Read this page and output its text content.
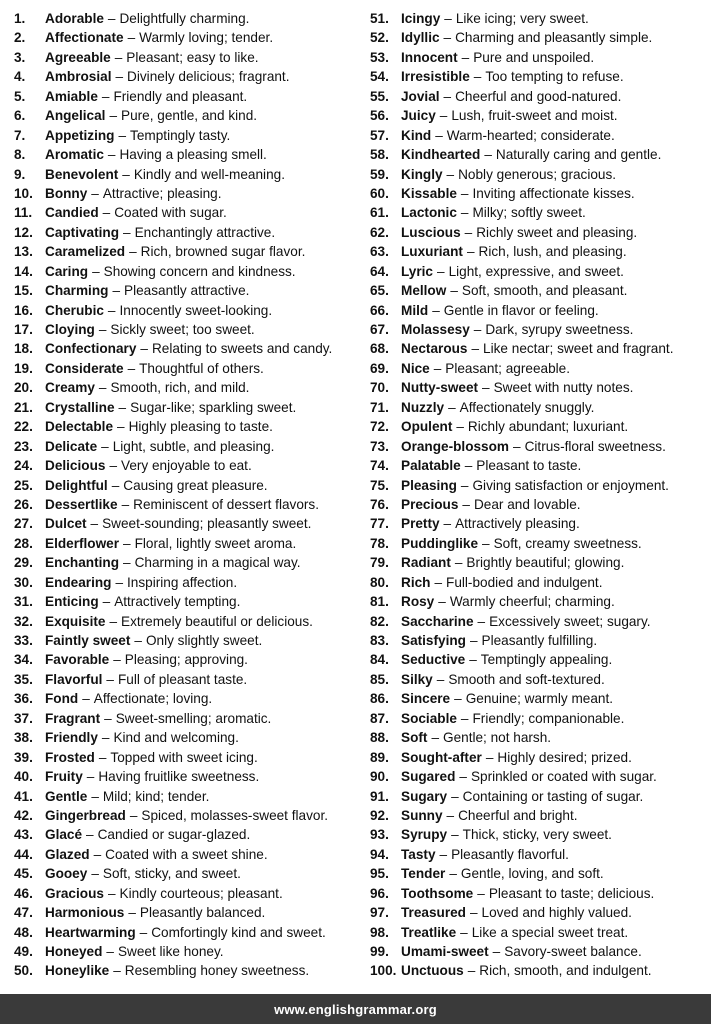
1.	Adorable – Delightfully charming.
2.	Affectionate – Warmly loving; tender.
3.	Agreeable – Pleasant; easy to like.
4.	Ambrosial – Divinely delicious; fragrant.
5.	Amiable – Friendly and pleasant.
6.	Angelical – Pure, gentle, and kind.
7.	Appetizing – Temptingly tasty.
8.	Aromatic – Having a pleasing smell.
9.	Benevolent – Kindly and well-meaning.
10. Bonny – Attractive; pleasing.
11. Candied – Coated with sugar.
12. Captivating – Enchantingly attractive.
13. Caramelized – Rich, browned sugar flavor.
14. Caring – Showing concern and kindness.
15. Charming – Pleasantly attractive.
16. Cherubic – Innocently sweet-looking.
17. Cloying – Sickly sweet; too sweet.
18. Confectionary – Relating to sweets and candy.
19. Considerate – Thoughtful of others.
20. Creamy – Smooth, rich, and mild.
21. Crystalline – Sugar-like; sparkling sweet.
22. Delectable – Highly pleasing to taste.
23. Delicate – Light, subtle, and pleasing.
24. Delicious – Very enjoyable to eat.
25. Delightful – Causing great pleasure.
26. Dessertlike – Reminiscent of dessert flavors.
27. Dulcet – Sweet-sounding; pleasantly sweet.
28. Elderflower – Floral, lightly sweet aroma.
29. Enchanting – Charming in a magical way.
30. Endearing – Inspiring affection.
31. Enticing – Attractively tempting.
32. Exquisite – Extremely beautiful or delicious.
33. Faintly sweet – Only slightly sweet.
34. Favorable – Pleasing; approving.
35. Flavorful – Full of pleasant taste.
36. Fond – Affectionate; loving.
37. Fragrant – Sweet-smelling; aromatic.
38. Friendly – Kind and welcoming.
39. Frosted – Topped with sweet icing.
40. Fruity – Having fruitlike sweetness.
41. Gentle – Mild; kind; tender.
42. Gingerbread – Spiced, molasses-sweet flavor.
43. Glacé – Candied or sugar-glazed.
44. Glazed – Coated with a sweet shine.
45. Gooey – Soft, sticky, and sweet.
46. Gracious – Kindly courteous; pleasant.
47. Harmonious – Pleasantly balanced.
48. Heartwarming – Comfortingly kind and sweet.
49. Honeyed – Sweet like honey.
50. Honeylike – Resembling honey sweetness.
51. Icingy – Like icing; very sweet.
52. Idyllic – Charming and pleasantly simple.
53. Innocent – Pure and unspoiled.
54. Irresistible – Too tempting to refuse.
55. Jovial – Cheerful and good-natured.
56. Juicy – Lush, fruit-sweet and moist.
57. Kind – Warm-hearted; considerate.
58. Kindhearted – Naturally caring and gentle.
59. Kingly – Nobly generous; gracious.
60. Kissable – Inviting affectionate kisses.
61. Lactonic – Milky; softly sweet.
62. Luscious – Richly sweet and pleasing.
63. Luxuriant – Rich, lush, and pleasing.
64. Lyric – Light, expressive, and sweet.
65. Mellow – Soft, smooth, and pleasant.
66. Mild – Gentle in flavor or feeling.
67. Molassesy – Dark, syrupy sweetness.
68. Nectarous – Like nectar; sweet and fragrant.
69. Nice – Pleasant; agreeable.
70. Nutty-sweet – Sweet with nutty notes.
71. Nuzzly – Affectionately snuggly.
72. Opulent – Richly abundant; luxuriant.
73. Orange-blossom – Citrus-floral sweetness.
74. Palatable – Pleasant to taste.
75. Pleasing – Giving satisfaction or enjoyment.
76. Precious – Dear and lovable.
77. Pretty – Attractively pleasing.
78. Puddinglike – Soft, creamy sweetness.
79. Radiant – Brightly beautiful; glowing.
80. Rich – Full-bodied and indulgent.
81. Rosy – Warmly cheerful; charming.
82. Saccharine – Excessively sweet; sugary.
83. Satisfying – Pleasantly fulfilling.
84. Seductive – Temptingly appealing.
85. Silky – Smooth and soft-textured.
86. Sincere – Genuine; warmly meant.
87. Sociable – Friendly; companionable.
88. Soft – Gentle; not harsh.
89. Sought-after – Highly desired; prized.
90. Sugared – Sprinkled or coated with sugar.
91. Sugary – Containing or tasting of sugar.
92. Sunny – Cheerful and bright.
93. Syrupy – Thick, sticky, very sweet.
94. Tasty – Pleasantly flavorful.
95. Tender – Gentle, loving, and soft.
96. Toothsome – Pleasant to taste; delicious.
97. Treasured – Loved and highly valued.
98. Treatlike – Like a special sweet treat.
99. Umami-sweet – Savory-sweet balance.
100. Unctuous – Rich, smooth, and indulgent.
www.englishgrammar.org
